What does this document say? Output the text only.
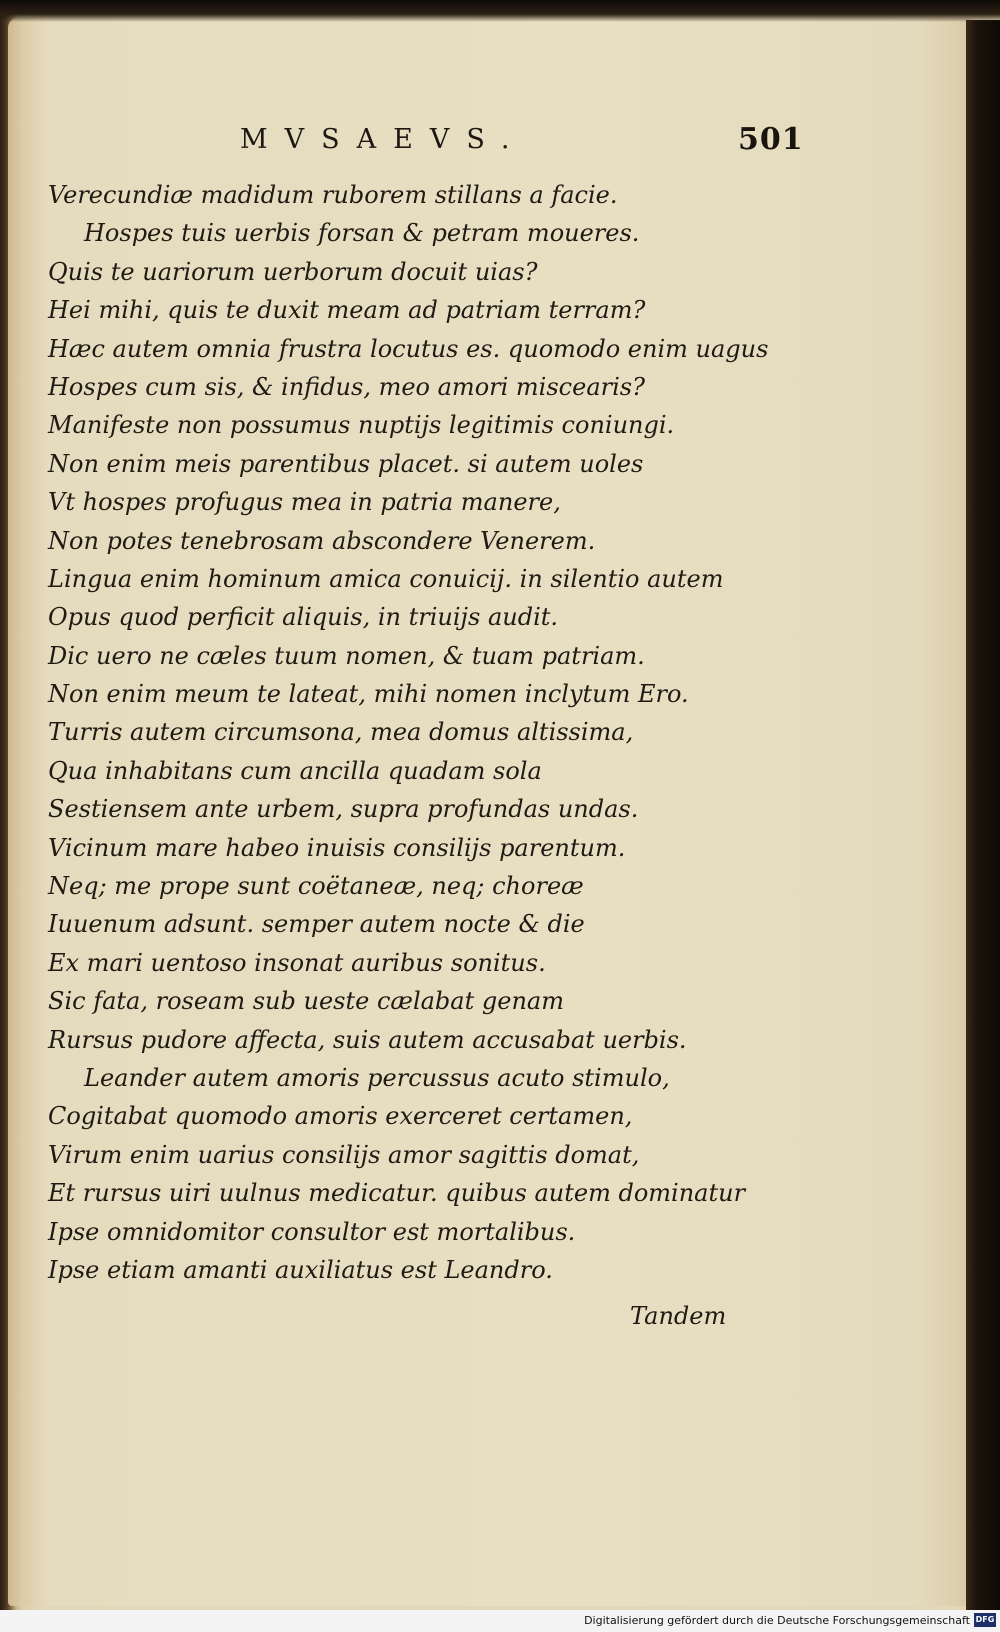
MVSAEVS.	501
Verecundiæ madidum ruborem stillans a facie.
Hospes tuis uerbis forsan & petram moueres.
Quis te uariorum uerborum docuit uias?
Hei mihi, quis te duxit meam ad patriam terram?
Hæc autem omnia frustra locutus es. quomodo enim uagus
Hospes cum sis, & infidus, meo amori miscearis?
Manifeste non possumus nuptijs legitimis coniungi.
Non enim meis parentibus placet. si autem uoles
Vt hospes profugus mea in patria manere,
Non potes tenebrosam abscondere Venerem.
Lingua enim hominum amica conuicij. in silentio autem
Opus quod perficit aliquis, in triuijs audit.
Dic uero ne cæles tuum nomen, & tuam patriam.
Non enim meum te lateat, mihi nomen inclytum Ero.
Turris autem circumsona, mea domus altissima,
Qua inhabitans cum ancilla quadam sola
Sestiensem ante urbem, supra profundas undas.
Vicinum mare habeo inuisis consilijs parentum.
Neq; me prope sunt coëtaneæ, neq; choreæ
Iuuenum adsunt. semper autem nocte & die
Ex mari uentoso insonat auribus sonitus.
Sic fata, roseam sub ueste cælabat genam
Rursus pudore affecta, suis autem accusabat uerbis.
Leander autem amoris percussus acuto stimulo,
Cogitabat quomodo amoris exerceret certamen,
Virum enim uarius consilijs amor sagittis domat,
Et rursus uiri uulnus medicatur. quibus autem dominatur
Ipse omnidomitor consultor est mortalibus.
Ipse etiam amanti auxiliatus est Leandro.
Tandem
Digitalisierung gefördert durch die Deutsche Forschungsgemeinschaft DFG
